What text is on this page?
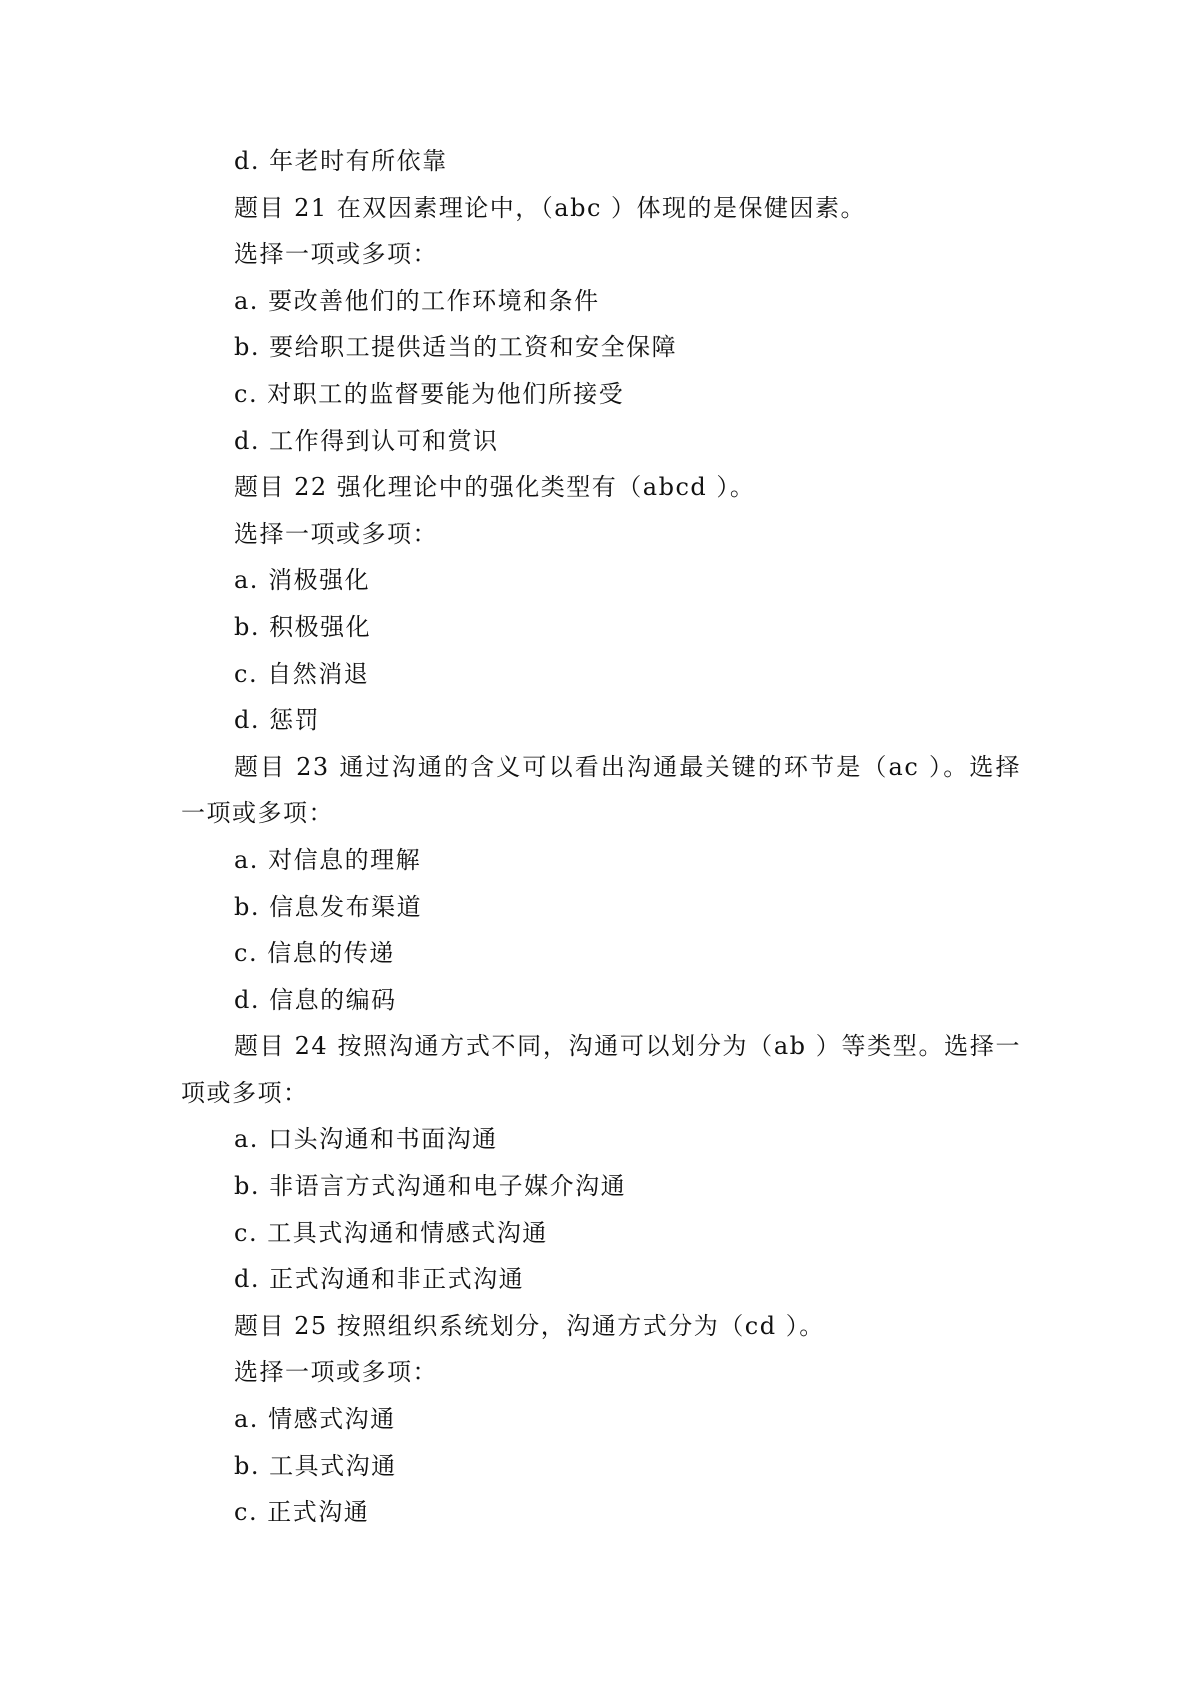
d. 年老时有所依靠
题目 21 在双因素理论中，（abc ）体现的是保健因素。
选择一项或多项：
a. 要改善他们的工作环境和条件
b. 要给职工提供适当的工资和安全保障
c. 对职工的监督要能为他们所接受
d. 工作得到认可和赏识
题目 22 强化理论中的强化类型有（abcd ）。
选择一项或多项：
a. 消极强化
b. 积极强化
c. 自然消退
d. 惩罚
题目 23 通过沟通的含义可以看出沟通最关键的环节是（ac ）。选择一项或多项：
a. 对信息的理解
b. 信息发布渠道
c. 信息的传递
d. 信息的编码
题目 24 按照沟通方式不同，沟通可以划分为（ab ）等类型。选择一项或多项：
a. 口头沟通和书面沟通
b. 非语言方式沟通和电子媒介沟通
c. 工具式沟通和情感式沟通
d. 正式沟通和非正式沟通
题目 25 按照组织系统划分，沟通方式分为（cd ）。
选择一项或多项：
a. 情感式沟通
b. 工具式沟通
c. 正式沟通
